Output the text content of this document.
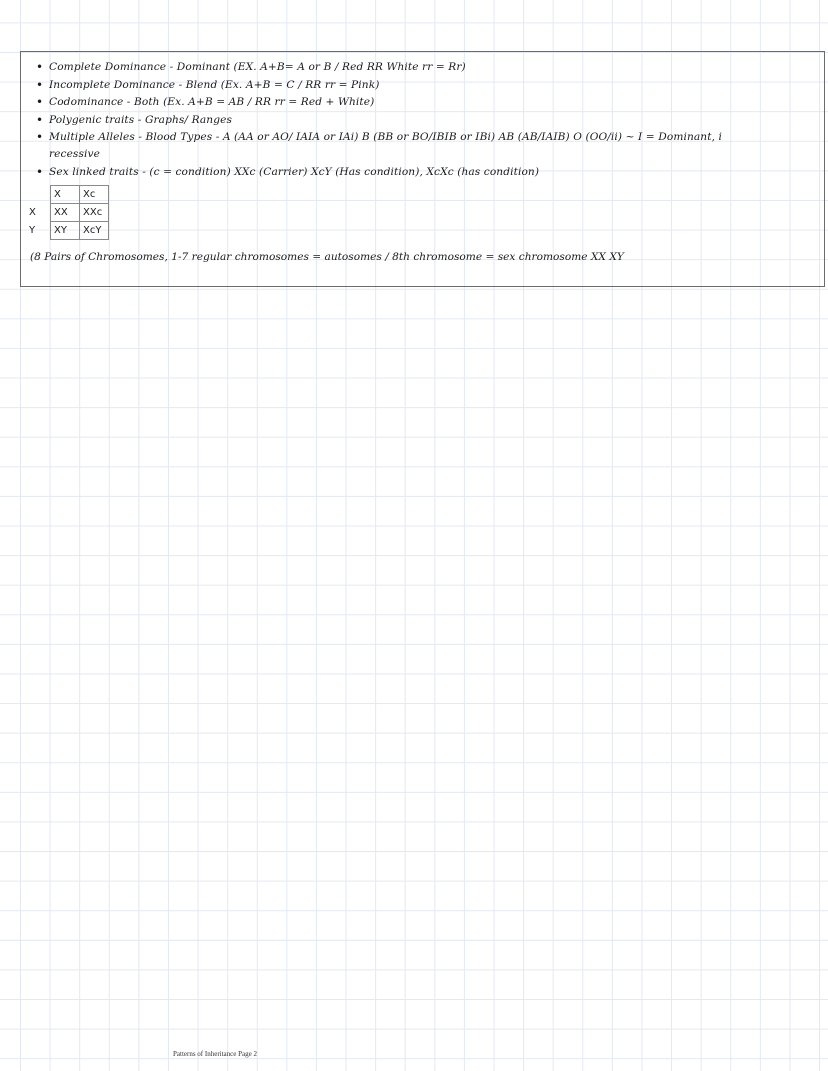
• Complete Dominance - Dominant (EX. A+B= A or B / Red RR White rr = Rr)
• Incomplete Dominance - Blend (Ex. A+B = C / RR rr = Pink)
• Codominance - Both (Ex. A+B = AB / RR rr = Red + White)
• Polygenic traits - Graphs/ Ranges
• Multiple Alleles - Blood Types - A (AA or AO/ IAIA or IAi) B (BB or BO/IBIB or IBi) AB (AB/IAIB) O (OO/ii) ~ I = Dominant, i
recessive
• Sex linked traits - (c = condition) XXc (Carrier) XcY (Has condition), XcXc (has condition)
	X	Xc
X	XX	XXc
Y	XY	XcY
(8 Pairs of Chromosomes, 1-7 regular chromosomes = autosomes / 8th chromosome = sex chromosome XX XY
Patterns of Inheritance Page 2
